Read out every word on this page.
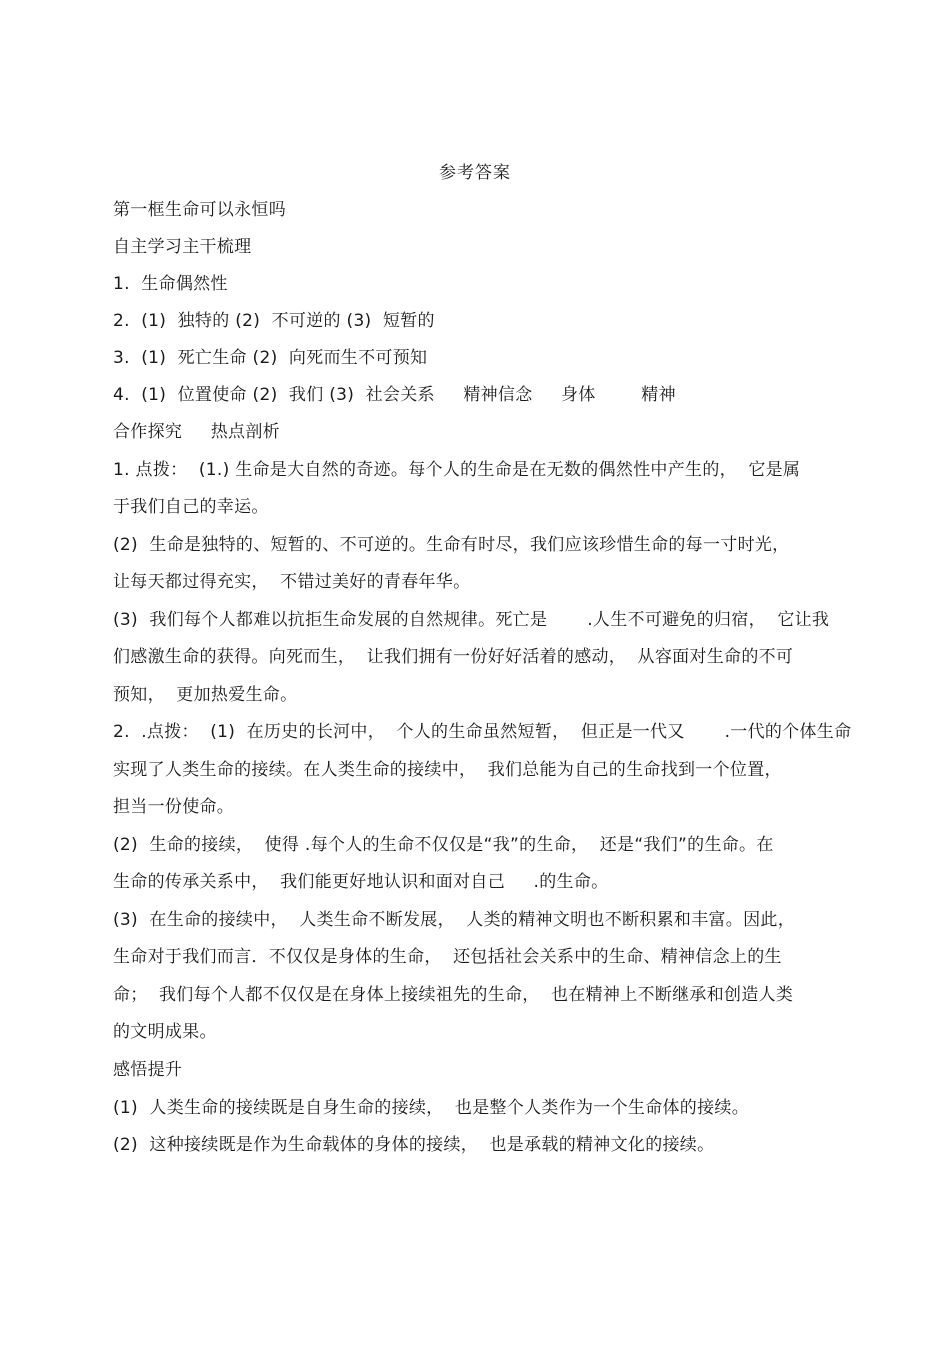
参考答案
第一框生命可以永恒吗
自主学习主干梳理
1.  生命偶然性
2.  (1)  独特的 (2)  不可逆的 (3)  短暂的
3.  (1)  死亡生命 (2)  向死而生不可预知
4.  (1)  位置使命 (2)  我们 (3)  社会关系     精神信念     身体        精神
合作探究     热点剖析
1. 点拨：  (1.) 生命是大自然的奇迹。每个人的生命是在无数的偶然性中产生的，  它是属
于我们自己的幸运。
(2)  生命是独特的、短暂的、不可逆的。生命有时尽，我们应该珍惜生命的每一寸时光，
让每天都过得充实，  不错过美好的青春年华。
(3)  我们每个人都难以抗拒生命发展的自然规律。死亡是       .人生不可避免的归宿，  它让我
们感激生命的获得。向死而生，  让我们拥有一份好好活着的感动，  从容面对生命的不可
预知，  更加热爱生命。
2.  .点拨：  (1)  在历史的长河中，  个人的生命虽然短暂，  但正是一代又       .一代的个体生命
实现了人类生命的接续。在人类生命的接续中，  我们总能为自己的生命找到一个位置，
担当一份使命。
(2)  生命的接续，  使得 .每个人的生命不仅仅是“我”的生命，  还是“我们”的生命。在
生命的传承关系中，  我们能更好地认识和面对自己     .的生命。
(3)  在生命的接续中，  人类生命不断发展，  人类的精神文明也不断积累和丰富。因此，
生命对于我们而言．不仅仅是身体的生命，  还包括社会关系中的生命、精神信念上的生
命；  我们每个人都不仅仅是在身体上接续祖先的生命，  也在精神上不断继承和创造人类
的文明成果。
感悟提升
(1)  人类生命的接续既是自身生命的接续，  也是整个人类作为一个生命体的接续。
(2)  这种接续既是作为生命载体的身体的接续，  也是承载的精神文化的接续。
